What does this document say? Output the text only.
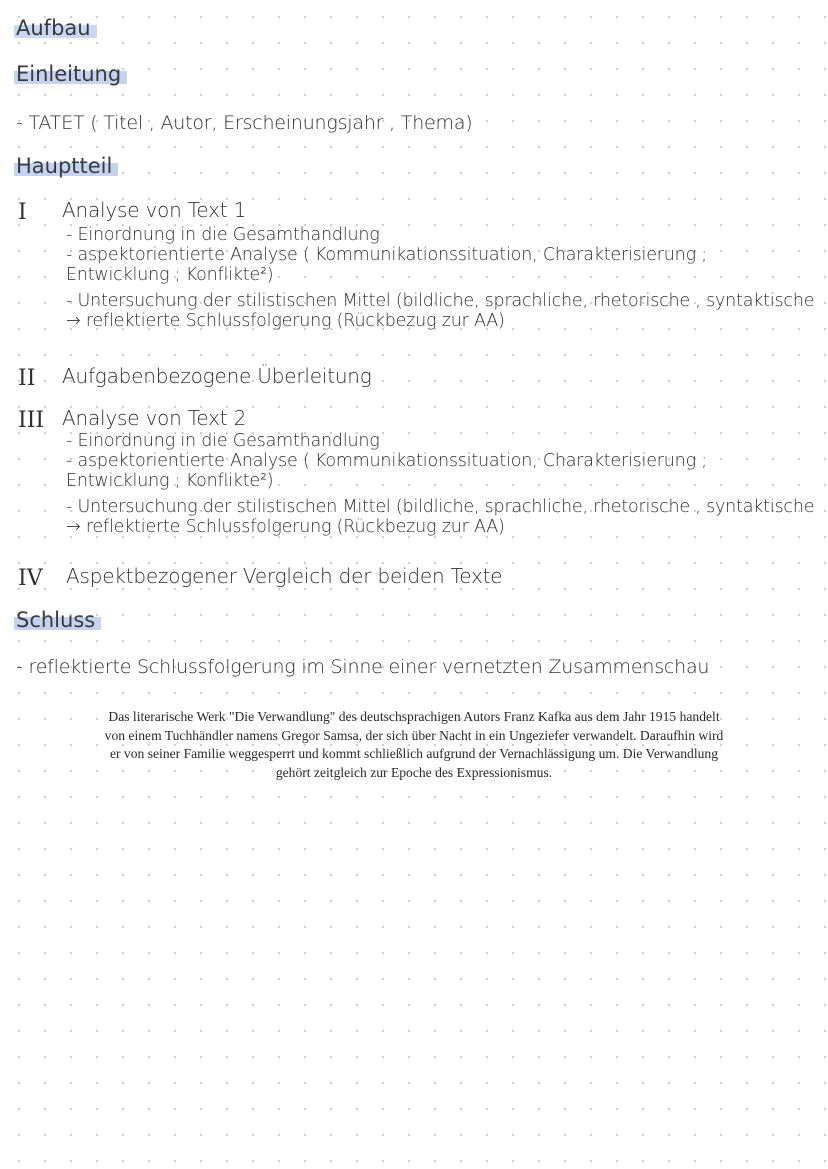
Aufbau
Einleitung
- TATET ( Titel , Autor, Erscheinungsjahr , Thema)
Hauptteil
I Analyse von Text 1
- Einordnung in die Gesamthandlung
- aspektorientierte Analyse ( Kommunikationssituation, Charakterisierung ;
Entwicklung ; Konflikte²)
- Untersuchung der stilistischen Mittel (bildliche, sprachliche, rhetorische , syntaktische
→ reflektierte Schlussfolgerung (Rückbezug zur AA)
II Aufgabenbezogene Überleitung
III Analyse von Text 2
- Einordnung in die Gesamthandlung
- aspektorientierte Analyse ( Kommunikationssituation, Charakterisierung ;
Entwicklung ; Konflikte²)
- Untersuchung der stilistischen Mittel (bildliche, sprachliche, rhetorische , syntaktische
→ reflektierte Schlussfolgerung (Rückbezug zur AA)
IV Aspektbezogener Vergleich der beiden Texte
Schluss
- reflektierte Schlussfolgerung im Sinne einer vernetzten Zusammenschau
Das literarische Werk "Die Verwandlung" des deutschsprachigen Autors Franz Kafka aus dem Jahr 1915 handelt
von einem Tuchhändler namens Gregor Samsa, der sich über Nacht in ein Ungeziefer verwandelt. Daraufhin wird
er von seiner Familie weggesperrt und kommt schließlich aufgrund der Vernachlässigung um. Die Verwandlung
gehört zeitgleich zur Epoche des Expressionismus.
